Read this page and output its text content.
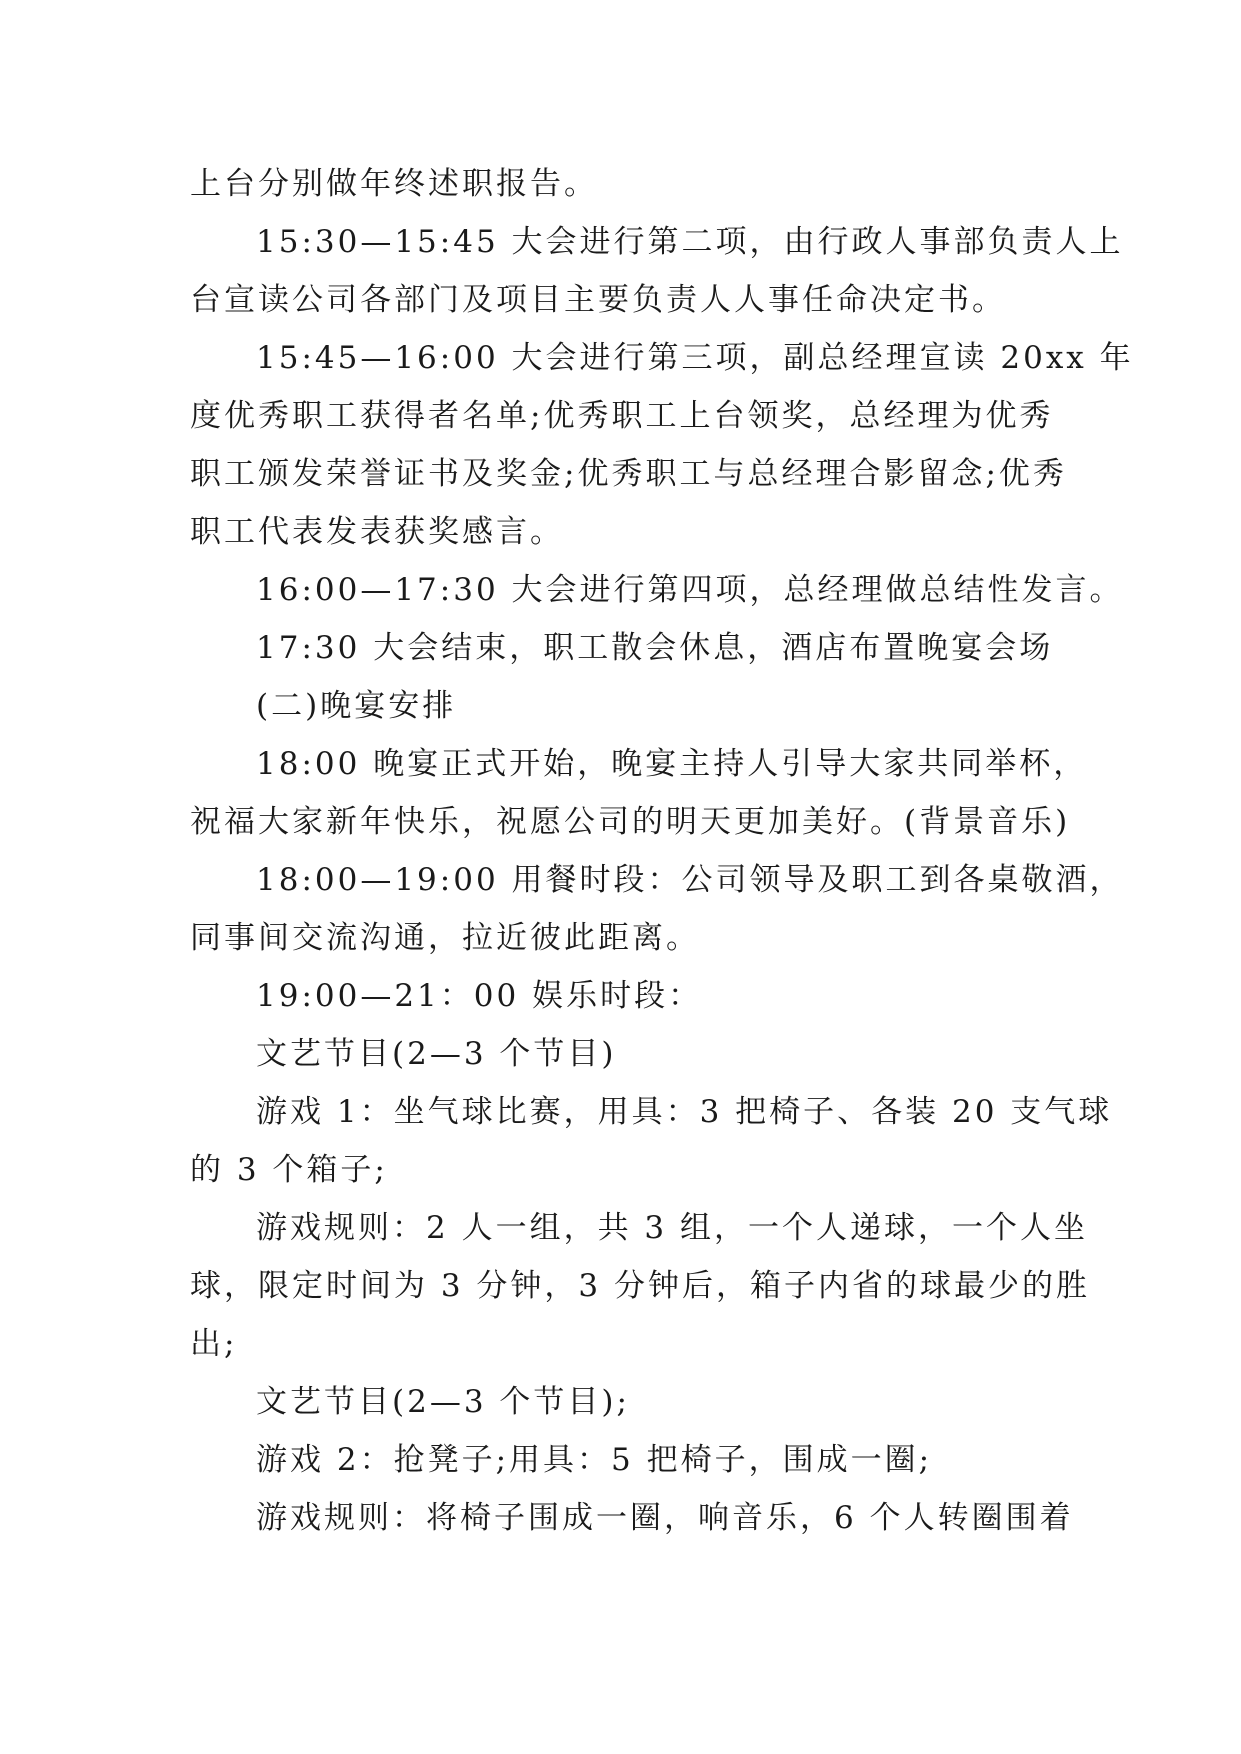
上台分别做年终述职报告。

15:30—15:45 大会进行第二项，由行政人事部负责人上

台宣读公司各部门及项目主要负责人人事任命决定书。

15:45—16:00 大会进行第三项，副总经理宣读 20xx 年

度优秀职工获得者名单;优秀职工上台领奖，总经理为优秀

职工颁发荣誉证书及奖金;优秀职工与总经理合影留念;优秀

职工代表发表获奖感言。

16:00—17:30 大会进行第四项，总经理做总结性发言。

17:30 大会结束，职工散会休息，酒店布置晚宴会场

(二)晚宴安排

18:00 晚宴正式开始，晚宴主持人引导大家共同举杯，

祝福大家新年快乐，祝愿公司的明天更加美好。(背景音乐)

18:00—19:00 用餐时段：公司领导及职工到各桌敬酒，

同事间交流沟通，拉近彼此距离。

19:00—21：00 娱乐时段：

文艺节目(2—3 个节目)

游戏 1：坐气球比赛，用具：3 把椅子、各装 20 支气球

的 3 个箱子;

游戏规则：2 人一组，共 3 组，一个人递球，一个人坐

球，限定时间为 3 分钟，3 分钟后，箱子内省的球最少的胜

出;

文艺节目(2—3 个节目);

游戏 2：抢凳子;用具：5 把椅子，围成一圈;

游戏规则：将椅子围成一圈，响音乐，6 个人转圈围着
